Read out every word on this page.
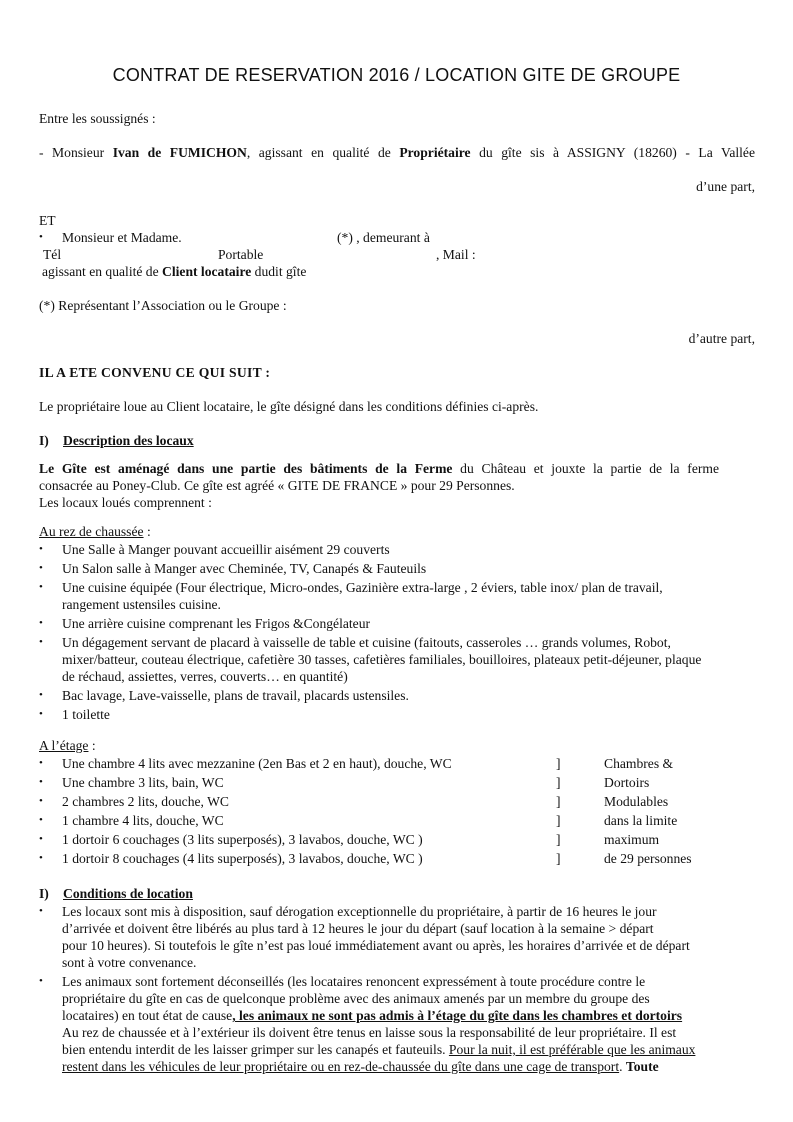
CONTRAT DE RESERVATION 2016 / LOCATION GITE DE GROUPE
Entre les soussignés :
- Monsieur Ivan de FUMICHON, agissant en qualité de Propriétaire du gîte sis à ASSIGNY (18260) - La Vallée
d’une part,
ET
• Monsieur et Madame.	(*) , demeurant à
Tél	Portable	, Mail :
agissant en qualité de Client locataire dudit gîte
(*) Représentant l’Association ou le Groupe :
d’autre part,
IL A ETE CONVENU CE QUI SUIT :
Le propriétaire loue au Client locataire, le gîte désigné dans les conditions définies ci-après.
I) Description des locaux
Le Gîte est aménagé dans une partie des bâtiments de la Ferme du Château et jouxte la partie de la ferme
consacrée au Poney-Club. Ce gîte est agréé « GITE DE FRANCE » pour 29 Personnes.
Les locaux loués comprennent :
Au rez de chaussée :
• Une Salle à Manger pouvant accueillir aisément 29 couverts
• Un Salon salle à Manger avec Cheminée, TV, Canapés & Fauteuils
• Une cuisine équipée (Four électrique, Micro-ondes, Gazinière extra-large , 2 éviers, table inox/ plan de travail,
rangement ustensiles cuisine.
• Une arrière cuisine comprenant les Frigos &Congélateur
• Un dégagement servant de placard à vaisselle de table et cuisine (faitouts, casseroles … grands volumes, Robot,
mixer/batteur, couteau électrique, cafetière 30 tasses, cafetières familiales, bouilloires, plateaux petit-déjeuner, plaque
de réchaud, assiettes, verres, couverts… en quantité)
• Bac lavage, Lave-vaisselle, plans de travail, placards ustensiles.
• 1 toilette
A l’étage :
• Une chambre 4 lits avec mezzanine (2en Bas et 2 en haut), douche, WC	]	Chambres &
• Une chambre 3 lits, bain, WC	]	Dortoirs
• 2 chambres 2 lits, douche, WC	]	Modulables
• 1 chambre 4 lits, douche, WC	]	dans la limite
• 1 dortoir 6 couchages (3 lits superposés), 3 lavabos, douche, WC )	]	maximum
• 1 dortoir 8 couchages (4 lits superposés), 3 lavabos, douche, WC )	]	de 29 personnes
I) Conditions de location
• Les locaux sont mis à disposition, sauf dérogation exceptionnelle du propriétaire, à partir de 16 heures le jour
d’arrivée et doivent être libérés au plus tard à 12 heures le jour du départ (sauf location à la semaine > départ
pour 10 heures). Si toutefois le gîte n’est pas loué immédiatement avant ou après, les horaires d’arrivée et de départ
sont à votre convenance.
• Les animaux sont fortement déconseillés (les locataires renoncent expressément à toute procédure contre le
propriétaire du gîte en cas de quelconque problème avec des animaux amenés par un membre du groupe des
locataires) en tout état de cause, les animaux ne sont pas admis à l’étage du gîte dans les chambres et dortoirs
Au rez de chaussée et à l’extérieur ils doivent être tenus en laisse sous la responsabilité de leur propriétaire. Il est
bien entendu interdit de les laisser grimper sur les canapés et fauteuils. Pour la nuit, il est préférable que les animaux
restent dans les véhicules de leur propriétaire ou en rez-de-chaussée du gîte dans une cage de transport. Toute
